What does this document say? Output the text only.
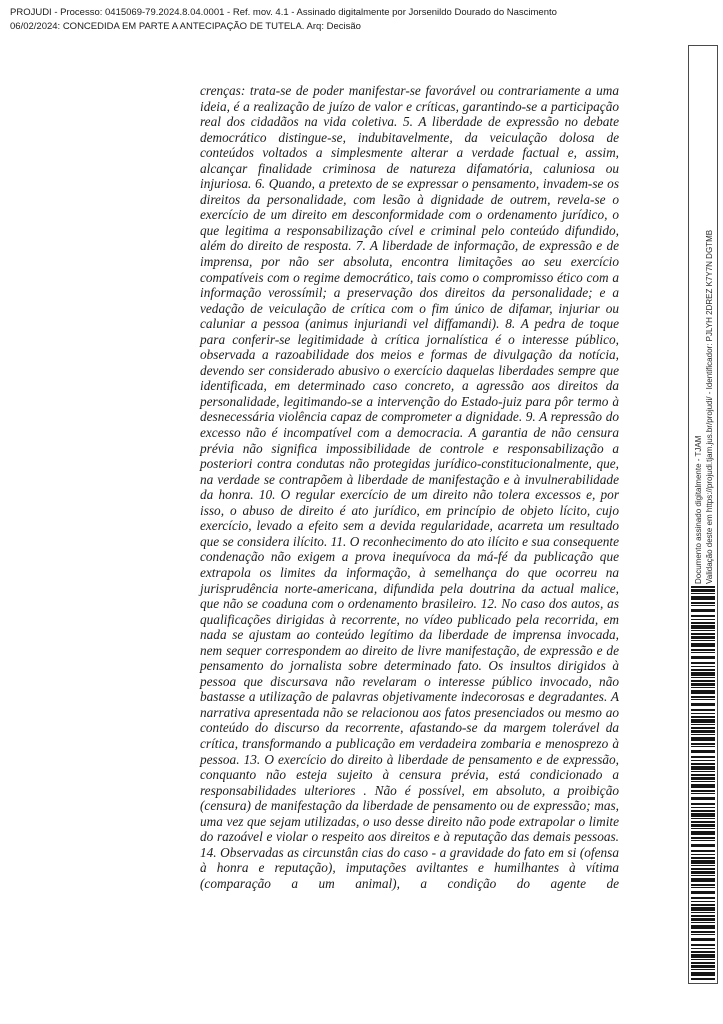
PROJUDI - Processo: 0415069-79.2024.8.04.0001 - Ref. mov. 4.1 - Assinado digitalmente por Jorsenildo Dourado do Nascimento
06/02/2024: CONCEDIDA EM PARTE A ANTECIPAÇÃO DE TUTELA. Arq: Decisão
crenças: trata-se de poder manifestar-se favorável ou contrariamente a uma ideia, é a realização de juízo de valor e críticas, garantindo-se a participação real dos cidadãos na vida coletiva. 5. A liberdade de expressão no debate democrático distingue-se, indubitavelmente, da veiculação dolosa de conteúdos voltados a simplesmente alterar a verdade factual e, assim, alcançar finalidade criminosa de natureza difamatória, caluniosa ou injuriosa. 6. Quando, a pretexto de se expressar o pensamento, invadem-se os direitos da personalidade, com lesão à dignidade de outrem, revela-se o exercício de um direito em desconformidade com o ordenamento jurídico, o que legitima a responsabilização cível e criminal pelo conteúdo difundido, além do direito de resposta. 7. A liberdade de informação, de expressão e de imprensa, por não ser absoluta, encontra limitações ao seu exercício compatíveis com o regime democrático, tais como o compromisso ético com a informação verossímil; a preservação dos direitos da personalidade; e a vedação de veiculação de crítica com o fim único de difamar, injuriar ou caluniar a pessoa (animus injuriandi vel diffamandi). 8. A pedra de toque para conferir-se legitimidade à crítica jornalística é o interesse público, observada a razoabilidade dos meios e formas de divulgação da notícia, devendo ser considerado abusivo o exercício daquelas liberdades sempre que identificada, em determinado caso concreto, a agressão aos direitos da personalidade, legitimando-se a intervenção do Estado-juiz para pôr termo à desnecessária violência capaz de comprometer a dignidade. 9. A repressão do excesso não é incompatível com a democracia. A garantia de não censura prévia não significa impossibilidade de controle e responsabilização a posteriori contra condutas não protegidas jurídico-constitucionalmente, que, na verdade se contrapõem à liberdade de manifestação e à invulnerabilidade da honra. 10. O regular exercício de um direito não tolera excessos e, por isso, o abuso de direito é ato jurídico, em princípio de objeto lícito, cujo exercício, levado a efeito sem a devida regularidade, acarreta um resultado que se considera ilícito. 11. O reconhecimento do ato ilícito e sua consequente condenação não exigem a prova inequívoca da má-fé da publicação que extrapola os limites da informação, à semelhança do que ocorreu na jurisprudência norte-americana, difundida pela doutrina da actual malice, que não se coaduna com o ordenamento brasileiro. 12. No caso dos autos, as qualificações dirigidas à recorrente, no vídeo publicado pela recorrida, em nada se ajustam ao conteúdo legítimo da liberdade de imprensa invocada, nem sequer correspondem ao direito de livre manifestação, de expressão e de pensamento do jornalista sobre determinado fato. Os insultos dirigidos à pessoa que discursava não revelaram o interesse público invocado, não bastasse a utilização de palavras objetivamente indecorosas e degradantes. A narrativa apresentada não se relacionou aos fatos presenciados ou mesmo ao conteúdo do discurso da recorrente, afastando-se da margem tolerável da crítica, transformando a publicação em verdadeira zombaria e menosprezo à pessoa. 13. O exercício do direito à liberdade de pensamento e de expressão, conquanto não esteja sujeito à censura prévia, está condicionado a responsabilidades ulteriores . Não é possível, em absoluto, a proibição (censura) de manifestação da liberdade de pensamento ou de expressão; mas, uma vez que sejam utilizadas, o uso desse direito não pode extrapolar o limite do razoável e violar o respeito aos direitos e à reputação das demais pessoas. 14. Observadas as circunstân cias do caso - a gravidade do fato em si (ofensa à honra e reputação), imputações aviltantes e humilhantes à vítima (comparação a um animal), a condição do agente de
Documento assinado digitalmente - TJAM Validação deste em https://projudi.tjam.jus.br/projudi/ - Identificador: PJLYH 2DREZ K7Y7N DGTMB
